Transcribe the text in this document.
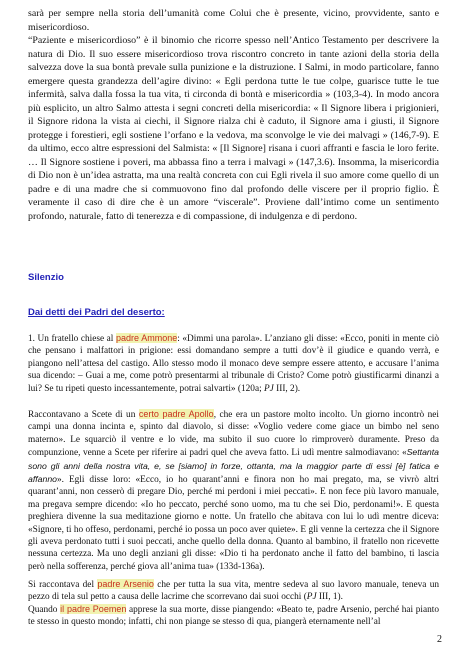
sarà per sempre nella storia dell’umanità come Colui che è presente, vicino, provvidente, santo e misericordioso.

“Paziente e misericordioso” è il binomio che ricorre spesso nell’Antico Testamento per descrivere la natura di Dio. Il suo essere misericordioso trova riscontro concreto in tante azioni della storia della salvezza dove la sua bontà prevale sulla punizione e la distruzione. I Salmi, in modo particolare, fanno emergere questa grandezza dell’agire divino: « Egli perdona tutte le tue colpe, guarisce tutte le tue infermità, salva dalla fossa la tua vita, ti circonda di bontà e misericordia » (103,3-4). In modo ancora più esplicito, un altro Salmo attesta i segni concreti della misericordia: « Il Signore libera i prigionieri, il Signore ridona la vista ai ciechi, il Signore rialza chi è caduto, il Signore ama i giusti, il Signore protegge i forestieri, egli sostiene l’orfano e la vedova, ma sconvolge le vie dei malvagi » (146,7-9). E da ultimo, ecco altre espressioni del Salmista: « [Il Signore] risana i cuori affranti e fascia le loro ferite. … Il Signore sostiene i poveri, ma abbassa fino a terra i malvagi » (147,3.6). Insomma, la misericordia di Dio non è un’idea astratta, ma una realtà concreta con cui Egli rivela il suo amore come quello di un padre e di una madre che si commuovono fino dal profondo delle viscere per il proprio figlio. È veramente il caso di dire che è un amore “viscerale”. Proviene dall’intimo come un sentimento profondo, naturale, fatto di tenerezza e di compassione, di indulgenza e di perdono.

Silenzio
Dai detti dei Padri del deserto:

1. Un fratello chiese al padre Ammone: «Dimmi una parola». L’anziano gli disse: «Ecco, poniti in mente ciò che pensano i malfattori in prigione: essi domandano sempre a tutti dov’è il giudice e quando verrà, e piangono nell’attesa del castigo. Allo stesso modo il monaco deve sempre essere attento, e accusare l’anima sua dicendo: – Guai a me, come potrò presentarmi al tribunale di Cristo? Come potrò giustificarmi dinanzi a lui? Se tu ripeti questo incessantemente, potrai salvarti» (120a; PJ III, 2).

Raccontavano a Scete di un certo padre Apollo, che era un pastore molto incolto. Un giorno incontrò nei campi una donna incinta e, spinto dal diavolo, si disse: «Voglio vedere come giace un bimbo nel seno materno». Le squarciò il ventre e lo vide, ma subito il suo cuore lo rimproverò duramente. Preso da compunzione, venne a Scete per riferire ai padri quel che aveva fatto. Li udì mentre salmodiavano: «Settanta sono gli anni della nostra vita, e, se [siamo] in forze, ottanta, ma la maggior parte di essi [è] fatica e affanno». Egli disse loro: «Ecco, io ho quarant’anni e finora non ho mai pregato, ma, se vivrò altri quarant’anni, non cesserò di pregare Dio, perché mi perdoni i miei peccati». E non fece più lavoro manuale, ma pregava sempre dicendo: «Io ho peccato, perché sono uomo, ma tu che sei Dio, perdonami!». E questa preghiera divenne la sua meditazione giorno e notte. Un fratello che abitava con lui lo udì mentre diceva: «Signore, ti ho offeso, perdonami, perché io possa un poco aver quiete». E gli venne la certezza che il Signore gli aveva perdonato tutti i suoi peccati, anche quello della donna. Quanto al bambino, il fratello non ricevette nessuna certezza. Ma uno degli anziani gli disse: «Dio ti ha perdonato anche il fatto del bambino, ti lascia però nella sofferenza, perché giova all’anima tua» (133d-136a).

Si raccontava del padre Arsenio che per tutta la sua vita, mentre sedeva al suo lavoro manuale, teneva un pezzo di tela sul petto a causa delle lacrime che scorrevano dai suoi occhi (PJ III, 1).

Quando il padre Poemen apprese la sua morte, disse piangendo: «Beato te, padre Arsenio, perché hai pianto te stesso in questo mondo; infatti, chi non piange se stesso di qua, piangerà eternamente nell’al

2
